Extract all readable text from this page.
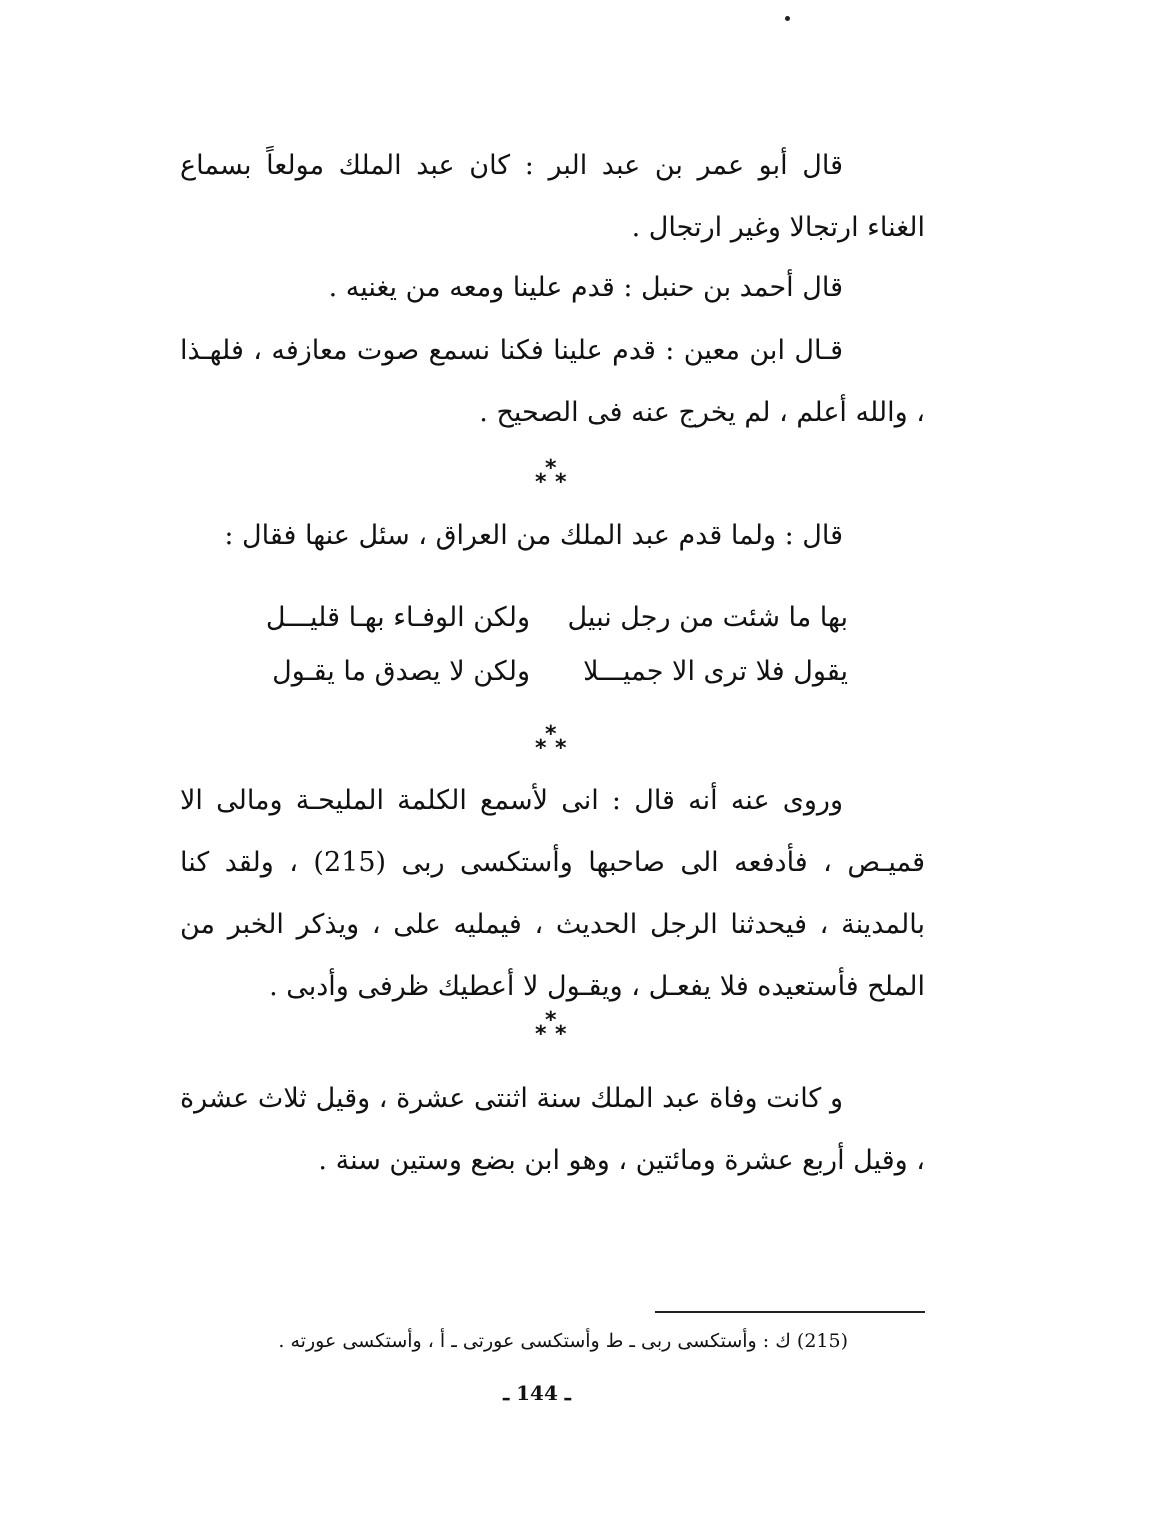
قال أبو عمر بن عبد البر : كان عبد الملك مولعاً بسماع الغناء ارتجالا وغير ارتجال .
قال أحمد بن حنبل : قدم علينا ومعه من يغنيه .
قـال ابن معين : قدم علينا فكنا نسمع صوت معازفه ، فلهـذا ، والله أعلم ، لم يخرج عنه فى الصحيح .
*
*
*
قال : ولما قدم عبد الملك من العراق ، سئل عنها فقال :
بها ما شئت من رجل نبيل
ولكن الوفـاء بهـا قليـــل
يقول فلا ترى الا جميـــلا
ولكن لا يصدق ما يقـول
*
*
*
وروى عنه أنه قال : انى لأسمع الكلمة المليحـة ومالى الا قميـص ، فأدفعه الى صاحبها وأستكسى ربى (215) ، ولقد كنا بالمدينة ، فيحدثنا الرجل الحديث ، فيمليه على ، ويذكر الخبر من الملح فأستعيده فلا يفعـل ، ويقـول لا أعطيك ظرفى وأدبى .
*
*
*
و كانت وفاة عبد الملك سنة اثنتى عشرة ، وقيل ثلاث عشرة ، وقيل أربع عشرة ومائتين ، وهو ابن بضع وستين سنة .
(215) ك : وأستكسى ربى ـ ط وأستكسى عورتى ـ أ ، وأستكسى عورته .
ـ 144 ـ
